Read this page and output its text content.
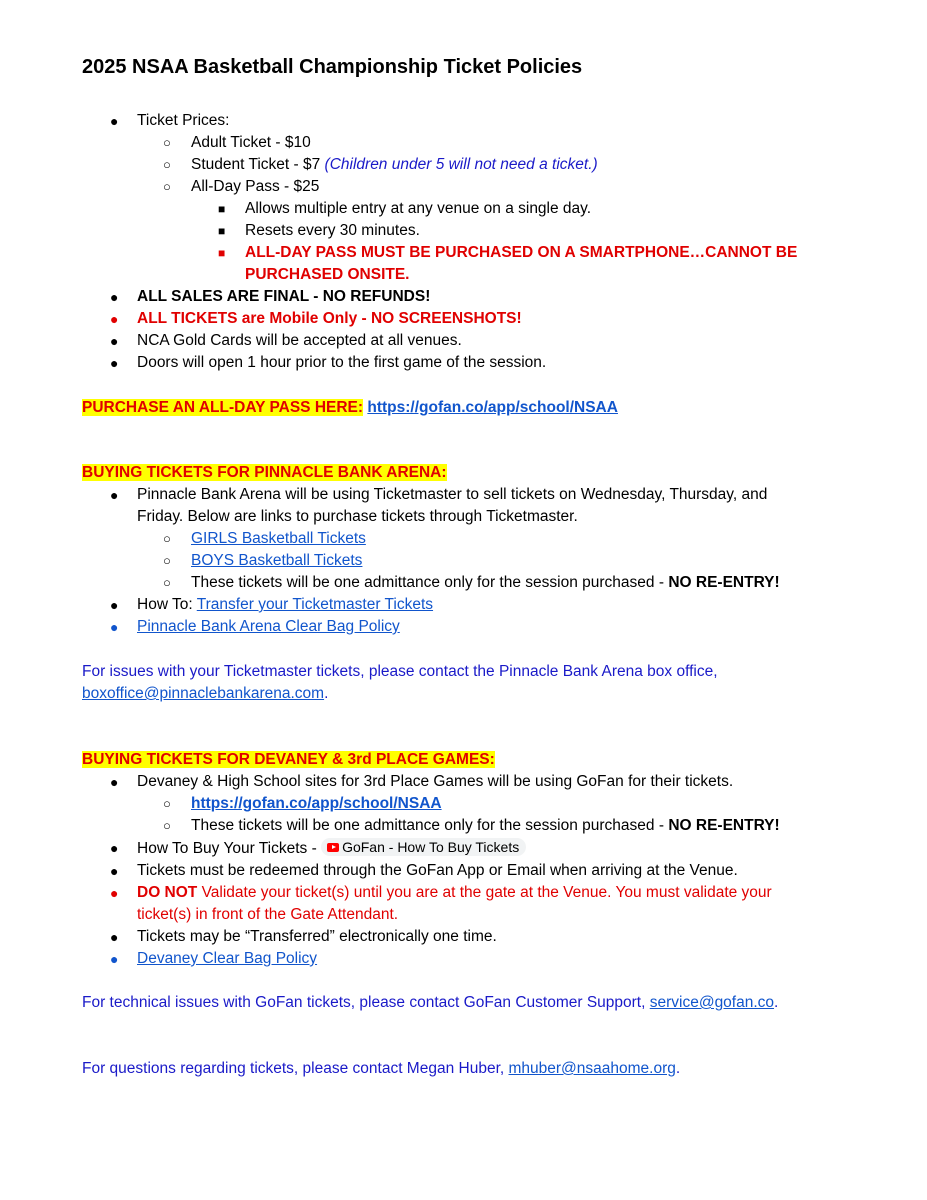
2025 NSAA Basketball Championship Ticket Policies
● Ticket Prices:
○ Adult Ticket - $10
○ Student Ticket - $7 (Children under 5 will not need a ticket.)
○ All-Day Pass - $25
■ Allows multiple entry at any venue on a single day.
■ Resets every 30 minutes.
■ ALL-DAY PASS MUST BE PURCHASED ON A SMARTPHONE…CANNOT BE
PURCHASED ONSITE.
● ALL SALES ARE FINAL - NO REFUNDS!
● ALL TICKETS are Mobile Only - NO SCREENSHOTS!
● NCA Gold Cards will be accepted at all venues.
● Doors will open 1 hour prior to the first game of the session.
PURCHASE AN ALL-DAY PASS HERE: https://gofan.co/app/school/NSAA
BUYING TICKETS FOR PINNACLE BANK ARENA:
● Pinnacle Bank Arena will be using Ticketmaster to sell tickets on Wednesday, Thursday, and
Friday. Below are links to purchase tickets through Ticketmaster.
○ GIRLS Basketball Tickets
○ BOYS Basketball Tickets
○ These tickets will be one admittance only for the session purchased - NO RE-ENTRY!
● How To: Transfer your Ticketmaster Tickets
● Pinnacle Bank Arena Clear Bag Policy
For issues with your Ticketmaster tickets, please contact the Pinnacle Bank Arena box office,
boxoffice@pinnaclebankarena.com.
BUYING TICKETS FOR DEVANEY & 3rd PLACE GAMES:
● Devaney & High School sites for 3rd Place Games will be using GoFan for their tickets.
○ https://gofan.co/app/school/NSAA
○ These tickets will be one admittance only for the session purchased - NO RE-ENTRY!
● How To Buy Your Tickets - GoFan - How To Buy Tickets
● Tickets must be redeemed through the GoFan App or Email when arriving at the Venue.
● DO NOT Validate your ticket(s) until you are at the gate at the Venue. You must validate your
ticket(s) in front of the Gate Attendant.
● Tickets may be “Transferred” electronically one time.
● Devaney Clear Bag Policy
For technical issues with GoFan tickets, please contact GoFan Customer Support, service@gofan.co.
For questions regarding tickets, please contact Megan Huber, mhuber@nsaahome.org.
